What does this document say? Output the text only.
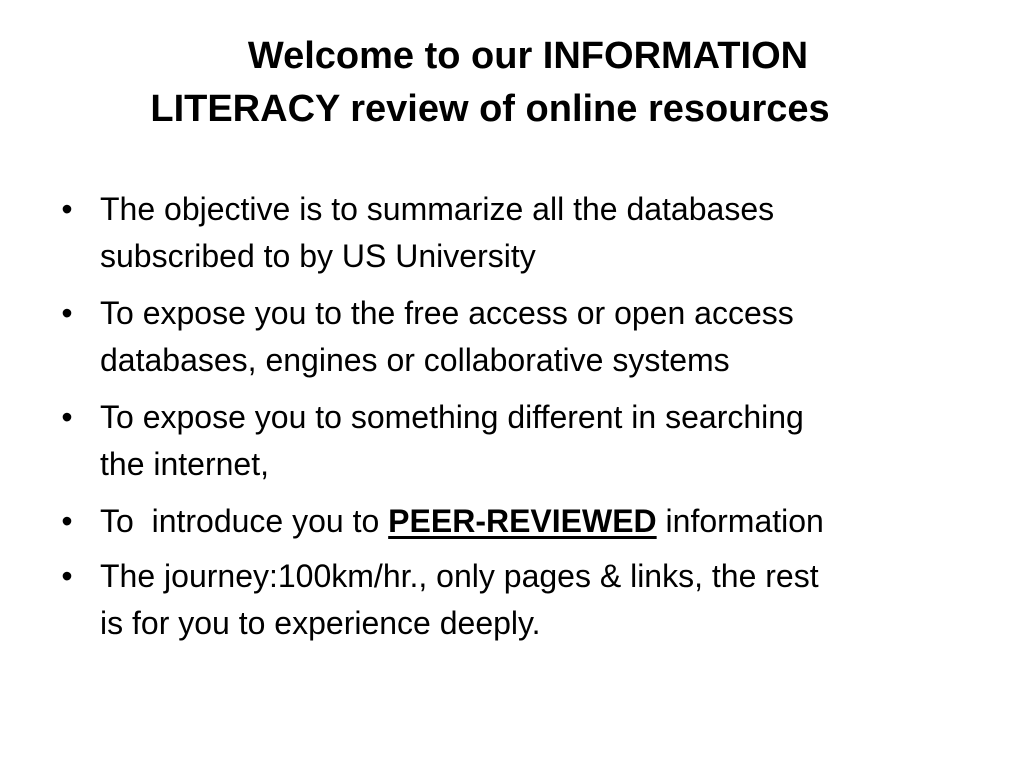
Welcome to our INFORMATION
LITERACY review of online resources
• The objective is to summarize all the databases
subscribed to by US University
• To expose you to the free access or open access
databases, engines or collaborative systems
• To expose you to something different in searching
the internet,
• To  introduce you to PEER-REVIEWED information
• The journey:100km/hr., only pages & links, the rest
is for you to experience deeply.
